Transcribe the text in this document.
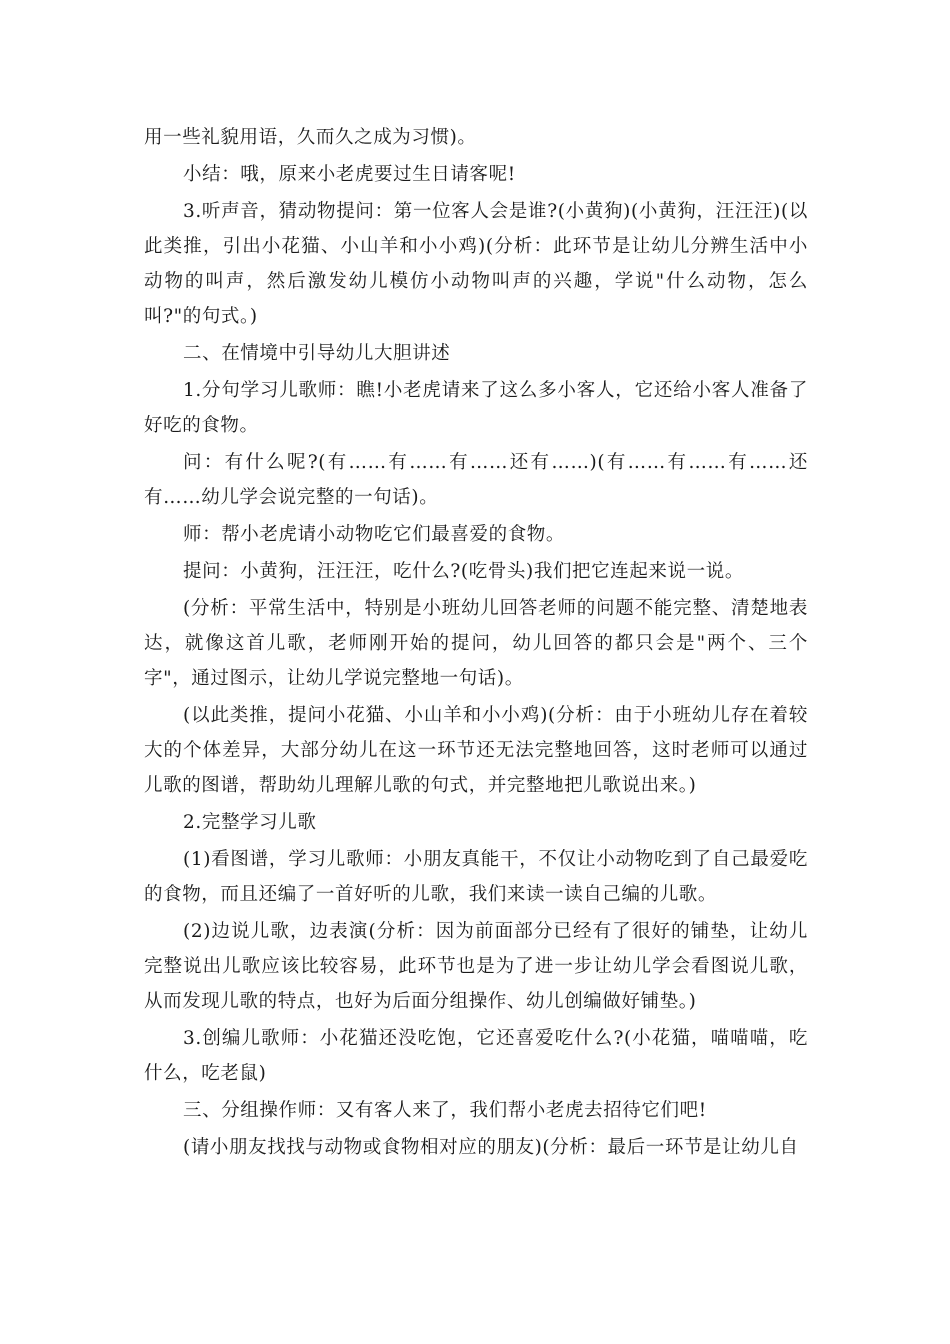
用一些礼貌用语，久而久之成为习惯)。

小结：哦，原来小老虎要过生日请客呢!

3.听声音，猜动物提问：第一位客人会是谁?(小黄狗)(小黄狗，汪汪汪)(以此类推，引出小花猫、小山羊和小小鸡)(分析：此环节是让幼儿分辨生活中小动物的叫声，然后激发幼儿模仿小动物叫声的兴趣，学说"什么动物，怎么叫?"的句式。)

二、在情境中引导幼儿大胆讲述

1.分句学习儿歌师：瞧!小老虎请来了这么多小客人，它还给小客人准备了好吃的食物。

问：有什么呢?(有……有……有……还有……)(有……有……有……还有……幼儿学会说完整的一句话)。

师：帮小老虎请小动物吃它们最喜爱的食物。

提问：小黄狗，汪汪汪，吃什么?(吃骨头)我们把它连起来说一说。

(分析：平常生活中，特别是小班幼儿回答老师的问题不能完整、清楚地表达，就像这首儿歌，老师刚开始的提问，幼儿回答的都只会是"两个、三个字"，通过图示，让幼儿学说完整地一句话)。

(以此类推，提问小花猫、小山羊和小小鸡)(分析：由于小班幼儿存在着较大的个体差异，大部分幼儿在这一环节还无法完整地回答，这时老师可以通过儿歌的图谱，帮助幼儿理解儿歌的句式，并完整地把儿歌说出来。)

2.完整学习儿歌

(1)看图谱，学习儿歌师：小朋友真能干，不仅让小动物吃到了自己最爱吃的食物，而且还编了一首好听的儿歌，我们来读一读自己编的儿歌。

(2)边说儿歌，边表演(分析：因为前面部分已经有了很好的铺垫，让幼儿完整说出儿歌应该比较容易，此环节也是为了进一步让幼儿学会看图说儿歌，从而发现儿歌的特点，也好为后面分组操作、幼儿创编做好铺垫。)

3.创编儿歌师：小花猫还没吃饱，它还喜爱吃什么?(小花猫，喵喵喵，吃什么，吃老鼠)

三、分组操作师：又有客人来了，我们帮小老虎去招待它们吧!

(请小朋友找找与动物或食物相对应的朋友)(分析：最后一环节是让幼儿自
